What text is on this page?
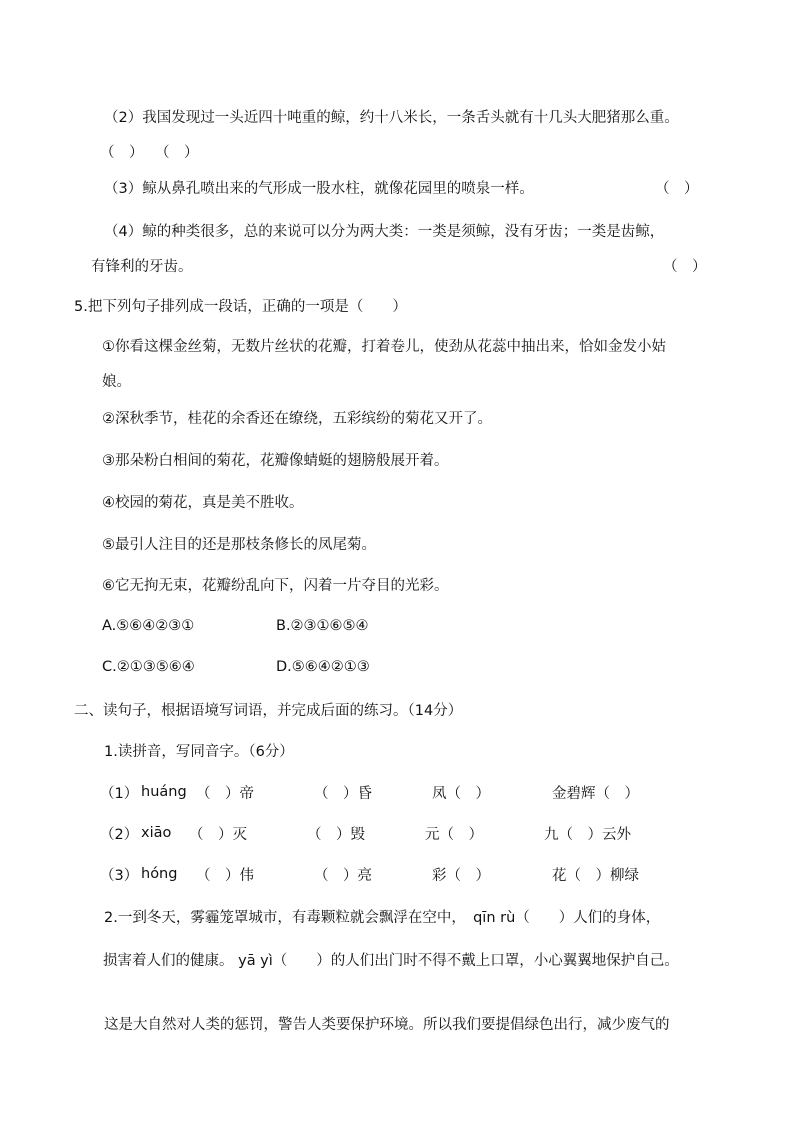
（2）我国发现过一头近四十吨重的鲸，约十八米长，一条舌头就有十几头大肥猪那么重。
（　） （　）
（3）鲸从鼻孔喷出来的气形成一股水柱，就像花园里的喷泉一样。	（　）
（4）鲸的种类很多，总的来说可以分为两大类：一类是须鲸，没有牙齿；一类是齿鲸，
有锋利的牙齿。	（　）
5.把下列句子排列成一段话，正确的一项是（　　）
①你看这棵金丝菊，无数片丝状的花瓣，打着卷儿，使劲从花蕊中抽出来，恰如金发小姑
娘。
②深秋季节，桂花的余香还在缭绕，五彩缤纷的菊花又开了。
③那朵粉白相间的菊花，花瓣像蜻蜓的翅膀般展开着。
④校园的菊花，真是美不胜收。
⑤最引人注目的还是那枝条修长的凤尾菊。
⑥它无拘无束，花瓣纷乱向下，闪着一片夺目的光彩。
A.⑤⑥④②③①	B.②③①⑥⑤④
C.②①③⑤⑥④	D.⑤⑥④②①③
二、读句子，根据语境写词语，并完成后面的练习。（14分）
1.读拼音，写同音字。（6分）
（1） huáng （　）帝	（　）昏	凤（　）	金碧辉（　）
（2） xiāo （　）灭	（　）毁	元（　）	九（　）云外
（3） hóng （　）伟	（　）亮	彩（　）	花（　）柳绿
2.一到冬天，雾霾笼罩城市，有毒颗粒就会飘浮在空中，　qīn rù（　　）人们的身体，
损害着人们的健康。 yā yì（　　）的人们出门时不得不戴上口罩，小心翼翼地保护自己。
这是大自然对人类的惩罚，警告人类要保护环境。所以我们要提倡绿色出行，减少废气的
